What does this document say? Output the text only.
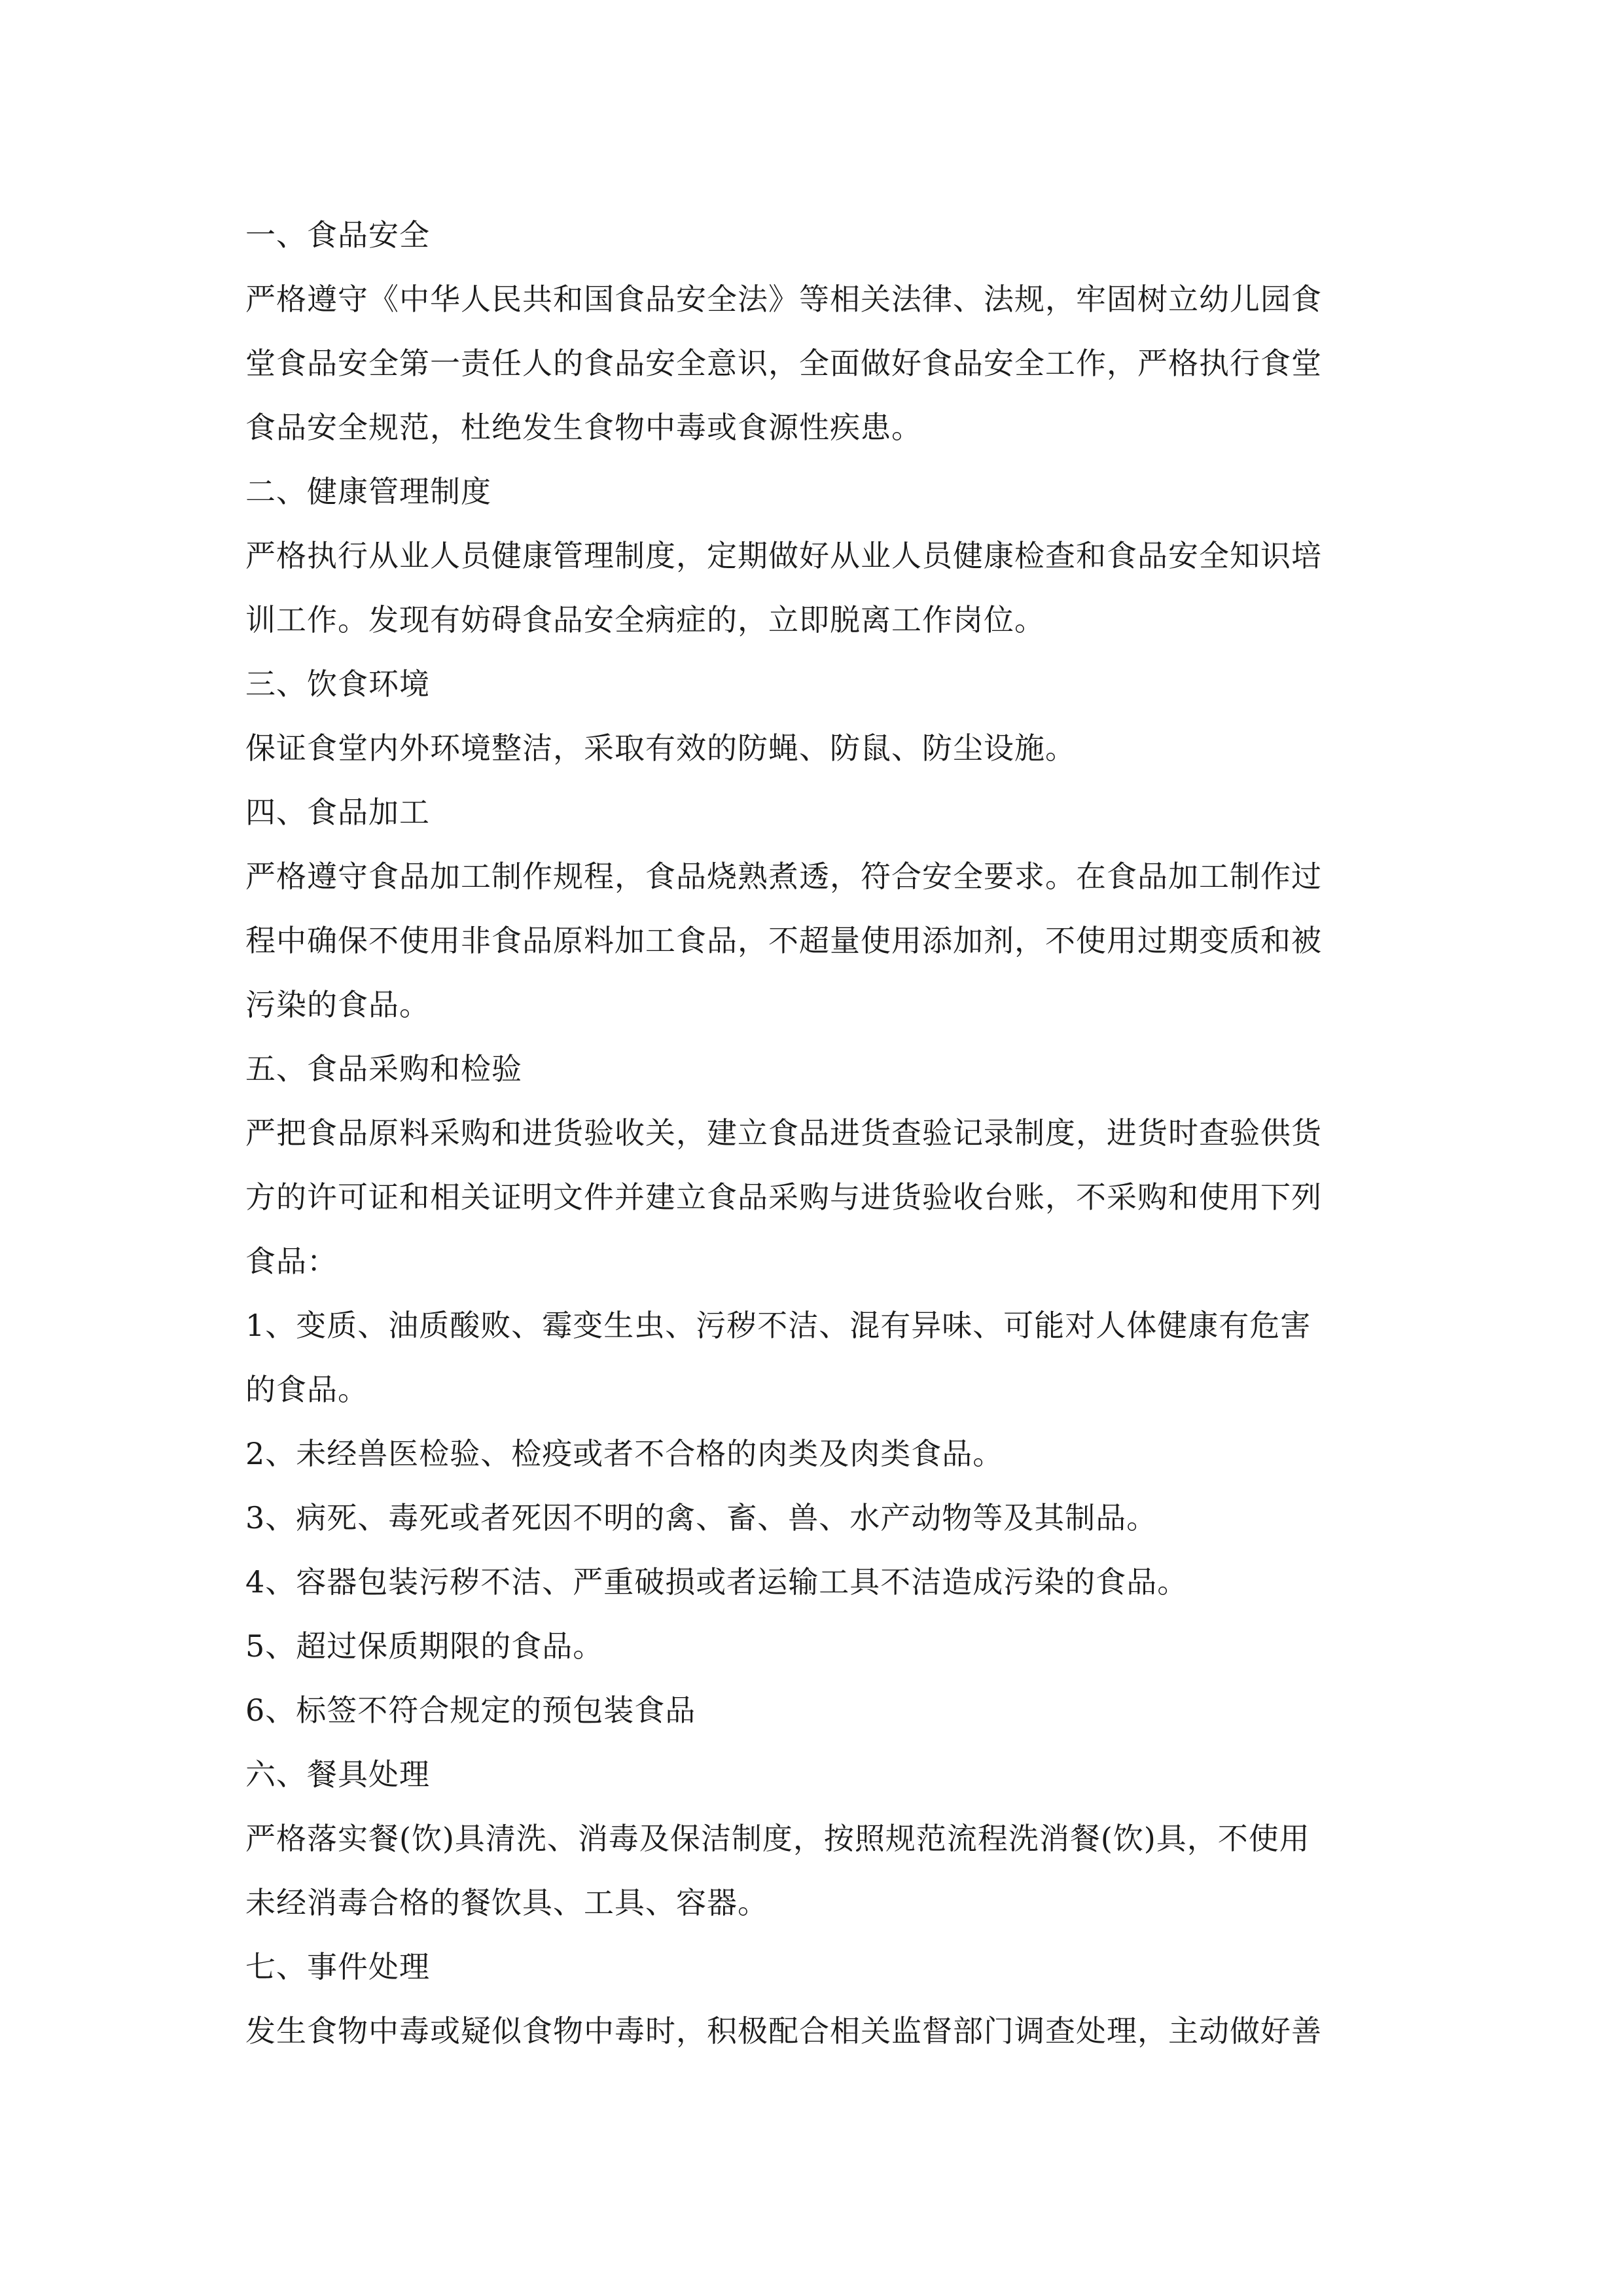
一、食品安全
严格遵守《中华人民共和国食品安全法》等相关法律、法规，牢固树立幼儿园食
堂食品安全第一责任人的食品安全意识，全面做好食品安全工作，严格执行食堂
食品安全规范，杜绝发生食物中毒或食源性疾患。
二、健康管理制度
严格执行从业人员健康管理制度，定期做好从业人员健康检查和食品安全知识培
训工作。发现有妨碍食品安全病症的，立即脱离工作岗位。
三、饮食环境
保证食堂内外环境整洁，采取有效的防蝇、防鼠、防尘设施。
四、食品加工
严格遵守食品加工制作规程，食品烧熟煮透，符合安全要求。在食品加工制作过
程中确保不使用非食品原料加工食品，不超量使用添加剂，不使用过期变质和被
污染的食品。
五、食品采购和检验
严把食品原料采购和进货验收关，建立食品进货查验记录制度，进货时查验供货
方的许可证和相关证明文件并建立食品采购与进货验收台账，不采购和使用下列
食品：
1、变质、油质酸败、霉变生虫、污秽不洁、混有异味、可能对人体健康有危害
的食品。
2、未经兽医检验、检疫或者不合格的肉类及肉类食品。
3、病死、毒死或者死因不明的禽、畜、兽、水产动物等及其制品。
4、容器包装污秽不洁、严重破损或者运输工具不洁造成污染的食品。
5、超过保质期限的食品。
6、标签不符合规定的预包装食品
六、餐具处理
严格落实餐(饮)具清洗、消毒及保洁制度，按照规范流程洗消餐(饮)具，不使用
未经消毒合格的餐饮具、工具、容器。
七、事件处理
发生食物中毒或疑似食物中毒时，积极配合相关监督部门调查处理，主动做好善
